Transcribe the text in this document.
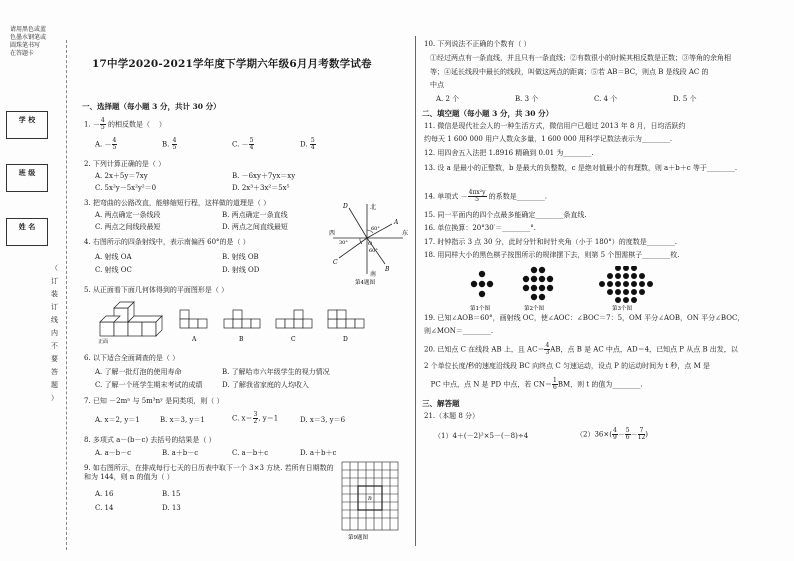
请用黑色或蓝
色墨水钢笔或
圆珠笔书写
在答题卡
学 校
班 级
姓 名
（ 订 装 订 线 内 不 要 答 题 ）
17中学2020-2021学年度下学期六年级6月月考数学试卷
一、选择题（每小题 3 分，共计 30 分）
1. － $\frac{4}{5}$ 的相反数是（    ）
A. － $\frac{4}{5}$	B. $\frac{4}{5}$	C. － $\frac{5}{4}$	D. $\frac{5}{4}$
2. 下列计算正确的是（ ）
A. 2x＋5y＝7xy	B. －6xy＋7yx＝xy
C. 5x²y－5x²y²＝0	D. 2x³＋3x²＝5x⁵
3. 把弯曲的公路改直，能够缩短行程，这样做的道理是（ ）
A. 两点确定一条线段	B. 两点确定一条直线
C. 两点之间线段最短	D. 两点之间直线最短
4. 右图所示的四条射线中，表示南偏西 60°的是（ ）
A. 射线 OA	B. 射线 OB
C. 射线 OC	D. 射线 OD
北
南
东
西
30°
60°
60°
A
B
C
D
O
第4题图
5. 从正面看下面几何体得到的平面图形是（ ）
正面	A	B	C	D
6. 以下适合全面调查的是（ ）
A. 了解一批灯泡的使用寿命	B. 了解哈市六年级学生的视力情况
C. 了解一个班学生期末考试的成绩	D. 了解我省家庭的人均收入
7. 已知 －2mⁿ 与 5m³nʸ 是同类项，则（ ）
A. x＝2, y＝1	B. x＝3, y＝1	C. $x= \frac{3}{2}$ , y＝1	D. x＝3, y＝6
8. 多项式 a－(b－c) 去括号的结果是（ ）
A. a－b－c	B. a＋b－c	C. a－b＋c	D. a＋b＋c
9. 如右图所示，在排成每行七天的日历表中取下一个 3×3 方块. 若所有日期数的和为 144，则 n 的值为（ ）
A. 16	B. 15
C. 14	D. 13
n
第9题图
10. 下列说法不正确的个数有（ ）
①经过两点有一条直线，并且只有一条直线；②有数很小的时候其相反数是正数；③等角的余角相
等；④延长线段中最长的线段，叫做这两点的距离；⑤若 AB＝BC，则点 B 是线段 AC 的
中点
A. 2 个	B. 3 个	C. 4 个	D. 5 个
二、填空题（每小题 3 分，共 30 分）
11. 微信是现代社会人的一种生活方式，微信用户已超过 2013 年 8 月，日均活跃约
约每天 1 600 000 用户人数众多量，1 600 000 用科学记数法表示为________.
12. 用四舍五入法把 1.8916 精确到 0.01 为________.
13. 设 a 是最小的正整数，b 是最大的负整数，c 是绝对值最小的有理数，则 a＋b＋c 等于________.
14. 单项式 － $\frac{\text{4πx²y}}{5}$ 的系数是________.
15. 同一平面内的四个点最多能确定________条直线.
16. 单位换算：20°30′＝________°.
17. 时钟指示 3 点 30 分，此时分针和时针夹角（小于 180°）的度数是________.
18. 用同样大小的黑色棋子按图所示的规律摆下去，则第 5 个图需棋子________枚.
第1个图	第2个图	第3个图
19. 已知∠AOB＝60°，画射线 OC，使∠AOC：∠BOC＝7：5，OM 平分∠AOB，ON 平分∠BOC，
则∠MON＝________.
20. 已知点 C 在线段 AB 上，且 $AC= \frac{4}{3}$ AB，点 B 是 AC 中点，AD＝4，已知点 P 从点 B 出发，以
2 个单位长度/秒的速度沿线段 BC 向终点 C 匀速运动，设点 P 的运动时间为 t 秒，点 M 是
PC 中点，点 N 是 PD 中点，若 $CN= \frac{1}{6}$ BM，则 t 的值为________.
三、解答题
21.（本题 8 分）
（1）4＋(－2)²×5－(－8)÷4	$(2)36\times( \frac{4}{9} - \frac{5}{6} - \frac{7}{12}$ )
